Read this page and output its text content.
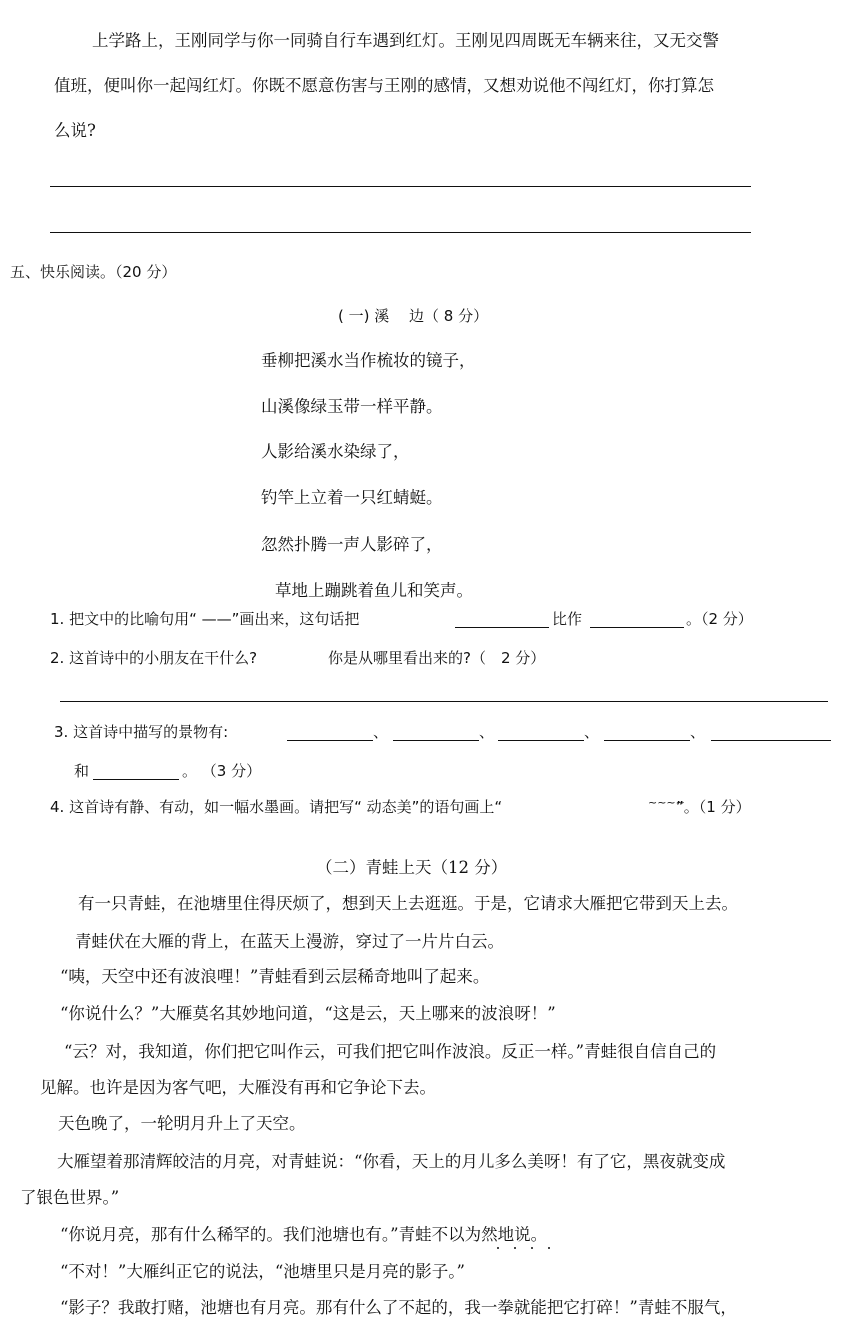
上学路上，王刚同学与你一同骑自行车遇到红灯。王刚见四周既无车辆来往，又无交警
值班，便叫你一起闯红灯。你既不愿意伤害与王刚的感情，又想劝说他不闯红灯，你打算怎
么说?
五、快乐阅读。（20 分）
( 一) 溪　 边（ 8 分）
垂柳把溪水当作梳妆的镜子，
山溪像绿玉带一样平静。
人影给溪水染绿了，
钓竿上立着一只红蜻蜓。
忽然扑腾一声人影碎了，
草地上蹦跳着鱼儿和笑声。
1. 把文中的比喻句用“ ——”画出来，这句话把	比作	。（2 分）
2. 这首诗中的小朋友在干什么?	你是从哪里看出来的?（　2 分）
3. 这首诗中描写的景物有:	、	、	、	、
和	。 （3 分）
4. 这首诗有静、有动，如一幅水墨画。请把写“ 动态美”的语句画上“	~~~~
”。（1 分）
（二）青蛙上天（12 分）
有一只青蛙，在池塘里住得厌烦了，想到天上去逛逛。于是，它请求大雁把它带到天上去。
青蛙伏在大雁的背上，在蓝天上漫游，穿过了一片片白云。
“咦，天空中还有波浪哩！”青蛙看到云层稀奇地叫了起来。
“你说什么？”大雁莫名其妙地问道，“这是云，天上哪来的波浪呀！”
“云？对，我知道，你们把它叫作云，可我们把它叫作波浪。反正一样。”青蛙很自信自己的
见解。也许是因为客气吧，大雁没有再和它争论下去。
天色晚了，一轮明月升上了天空。
大雁望着那清辉皎洁的月亮，对青蛙说：“你看，天上的月儿多么美呀！有了它，黑夜就变成
了银色世界。”
“你说月亮，那有什么稀罕的。我们池塘也有。”青蛙不以为然地说。
“不对！”大雁纠正它的说法，“池塘里只是月亮的影子。”
“影子？我敢打赌，池塘也有月亮。那有什么了不起的，我一拳就能把它打碎！”青蛙不服气，
